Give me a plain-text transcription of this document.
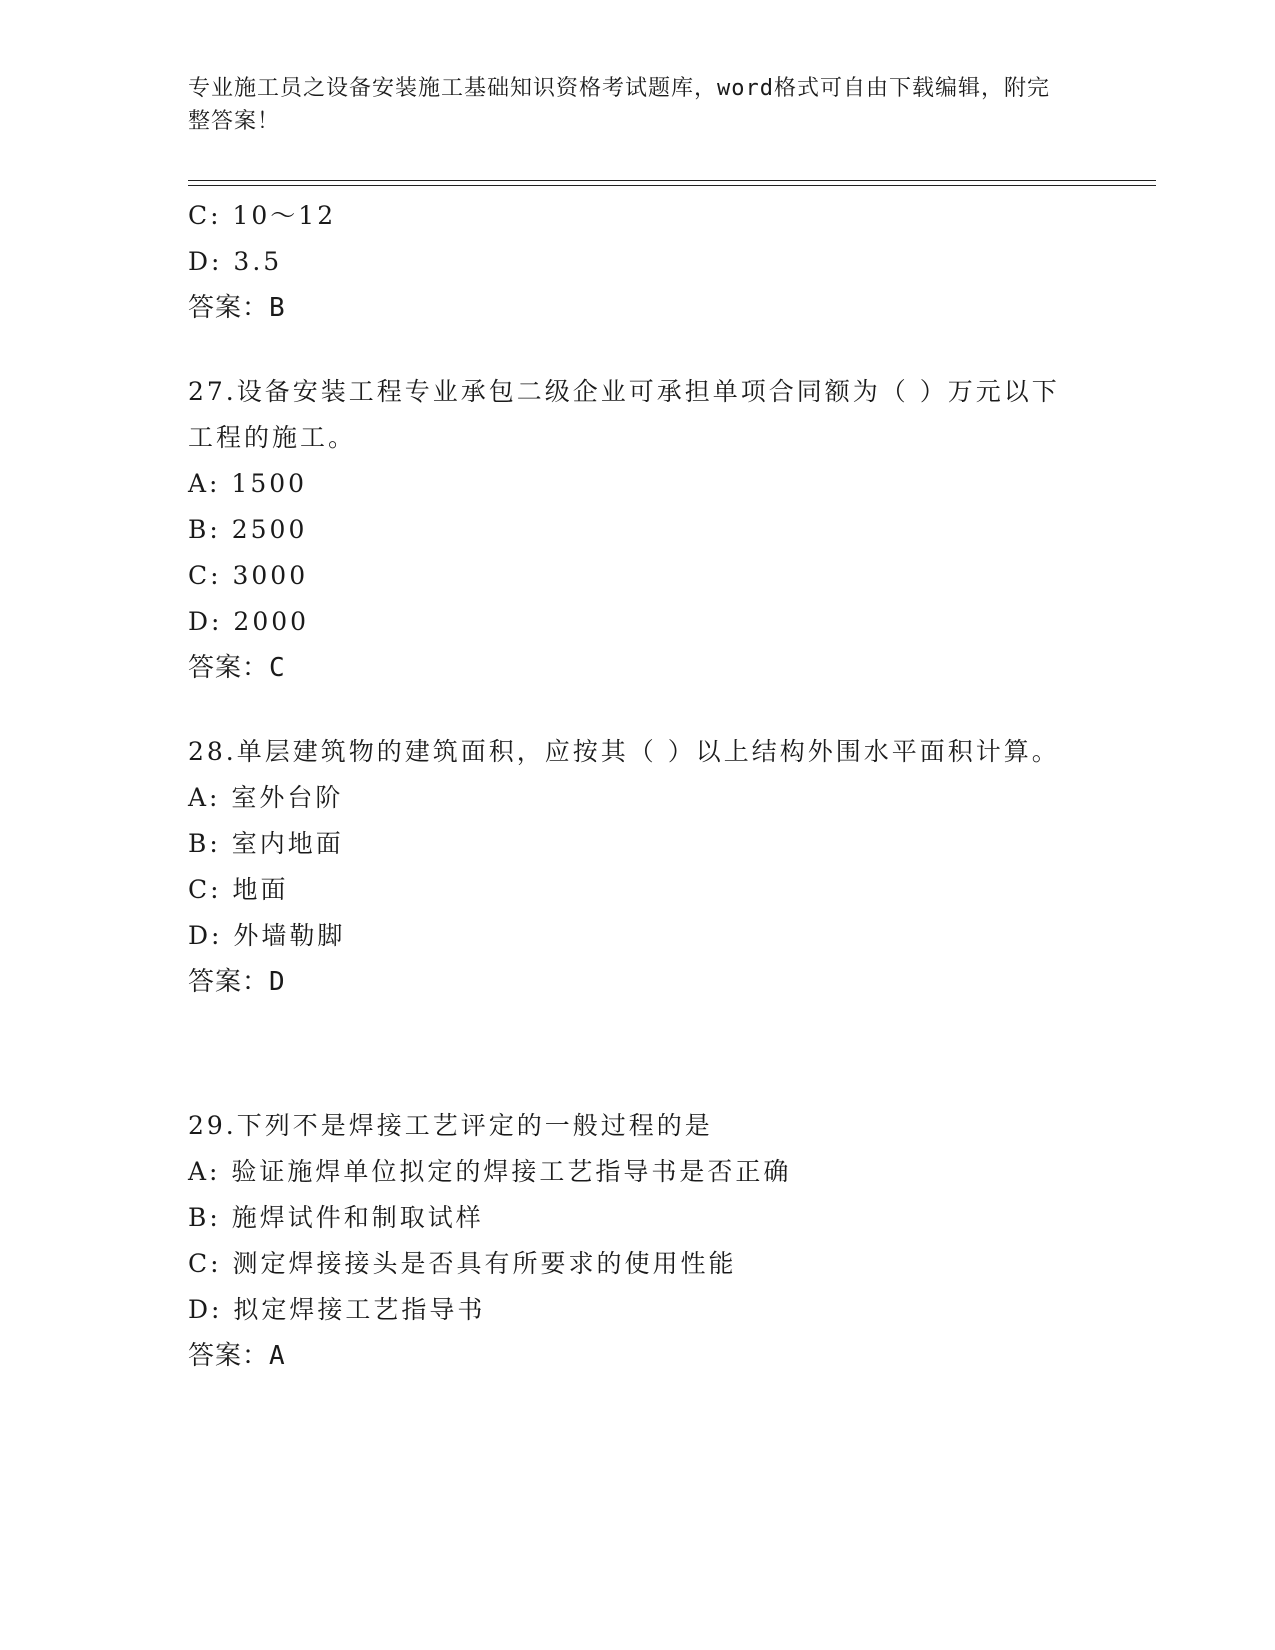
专业施工员之设备安装施工基础知识资格考试题库，word格式可自由下载编辑，附完整答案！
C: 10～12
D: 3.5
答案：B
27.设备安装工程专业承包二级企业可承担单项合同额为（ ）万元以下工程的施工。
A: 1500
B: 2500
C: 3000
D: 2000
答案：C
28.单层建筑物的建筑面积，应按其（ ）以上结构外围水平面积计算。
A: 室外台阶
B: 室内地面
C: 地面
D: 外墙勒脚
答案：D
29.下列不是焊接工艺评定的一般过程的是
A: 验证施焊单位拟定的焊接工艺指导书是否正确
B: 施焊试件和制取试样
C: 测定焊接接头是否具有所要求的使用性能
D: 拟定焊接工艺指导书
答案：A
